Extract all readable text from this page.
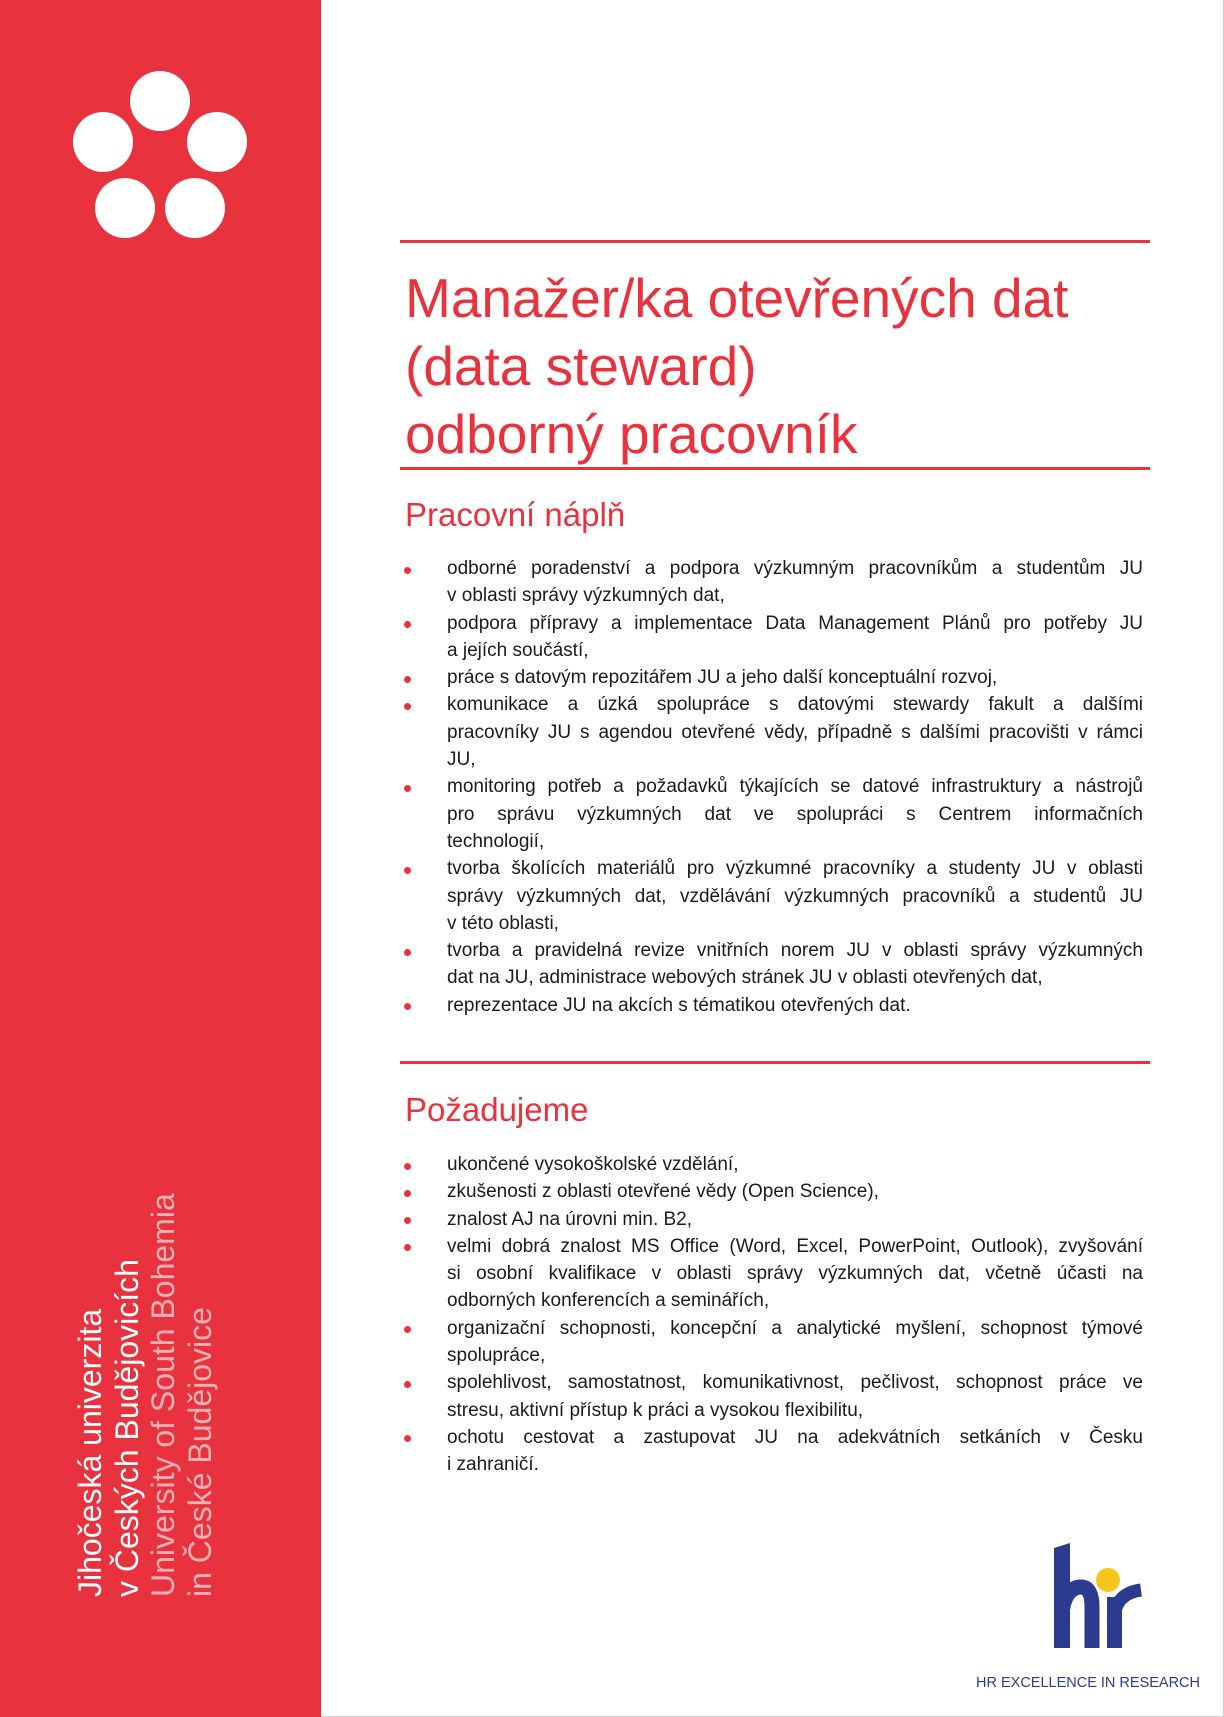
Jihočeská univerzita v Českých Budějovicích University of South Bohemia in České Budějovice
Manažer/ka otevřených dat
(data steward)
odborný pracovník
Pracovní náplň
odborné poradenství a podpora výzkumným pracovníkům a studentům JU
v oblasti správy výzkumných dat,
podpora přípravy a implementace Data Management Plánů pro potřeby JU
a jejích součástí,
práce s datovým repozitářem JU a jeho další konceptuální rozvoj,
komunikace a úzká spolupráce s datovými stewardy fakult a dalšími
pracovníky JU s agendou otevřené vědy, případně s dalšími pracovišti v rámci
JU,
monitoring potřeb a požadavků týkajících se datové infrastruktury a nástrojů
pro správu výzkumných dat ve spolupráci s Centrem informačních
technologií,
tvorba školících materiálů pro výzkumné pracovníky a studenty JU v oblasti
správy výzkumných dat, vzdělávání výzkumných pracovníků a studentů JU
v této oblasti,
tvorba a pravidelná revize vnitřních norem JU v oblasti správy výzkumných
dat na JU, administrace webových stránek JU v oblasti otevřených dat,
reprezentace JU na akcích s tématikou otevřených dat.
Požadujeme
ukončené vysokoškolské vzdělání,
zkušenosti z oblasti otevřené vědy (Open Science),
znalost AJ na úrovni min. B2,
velmi dobrá znalost MS Office (Word, Excel, PowerPoint, Outlook), zvyšování
si osobní kvalifikace v oblasti správy výzkumných dat, včetně účasti na
odborných konferencích a seminářích,
organizační schopnosti, koncepční a analytické myšlení, schopnost týmové
spolupráce,
spolehlivost, samostatnost, komunikativnost, pečlivost, schopnost práce ve
stresu, aktivní přístup k práci a vysokou flexibilitu,
ochotu cestovat a zastupovat JU na adekvátních setkáních v Česku
i zahraničí.
HR EXCELLENCE IN RESEARCH
